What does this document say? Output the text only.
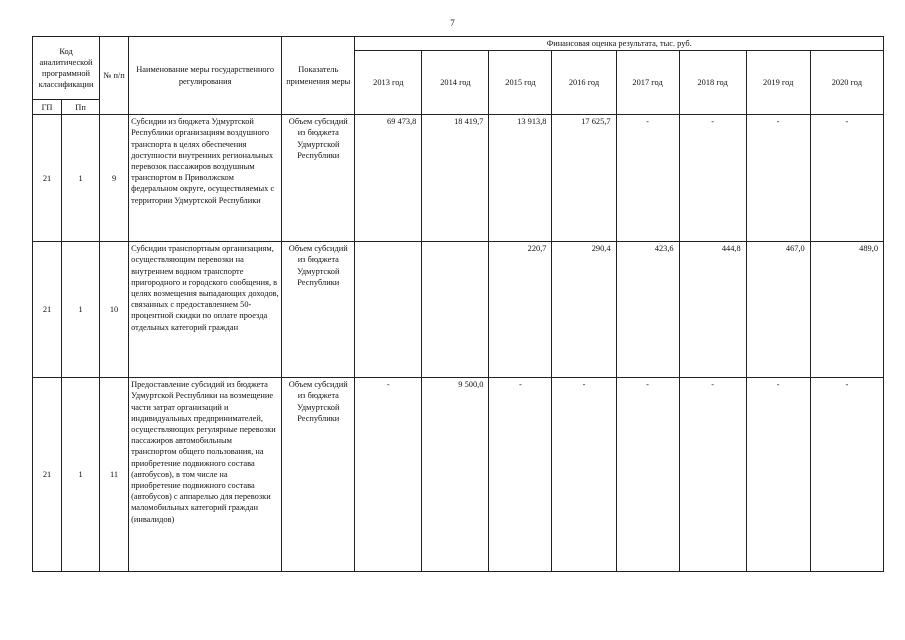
7
Код аналитической программной классификации		№ п/п	Наименование меры государственного регулирования	Показатель применения меры	Финансовая оценка результата, тыс. руб.							
					2013 год	2014 год	2015 год	2016 год	2017 год	2018 год	2019 год	2020 год
ГП	Пп											
21	1	9	Субсидии из бюджета Удмуртской Республики организациям воздушного транспорта в целях обеспечения доступности внутренних региональных перевозок пассажиров воздушным транспортом в Приволжском федеральном округе, осуществляемых с территории Удмуртской Республики	Объем субсидий из бюджета Удмуртской Республики	69 473,8	18 419,7	13 913,8	17 625,7	-	-	-	-
21	1	10	Субсидии транспортным организациям, осуществляющим перевозки на внутреннем водном транспорте пригородного и городского сообщения, в целях возмещения выпадающих доходов, связанных с предоставлением 50-процентной скидки по оплате проезда отдельных категорий граждан	Объем субсидий из бюджета Удмуртской Республики			220,7	290,4	423,6	444,8	467,0	489,0
21	1	11	Предоставление субсидий из бюджета Удмуртской Республики на возмещение части затрат организаций и индивидуальных предпринимателей, осуществляющих регулярные перевозки пассажиров автомобильным транспортом общего пользования, на приобретение подвижного состава (автобусов), в том числе на приобретение подвижного состава (автобусов) с аппарелью для перевозки маломобильных категорий граждан (инвалидов)	Объем субсидий из бюджета Удмуртской Республики	-	9 500,0	-	-	-	-	-	-
